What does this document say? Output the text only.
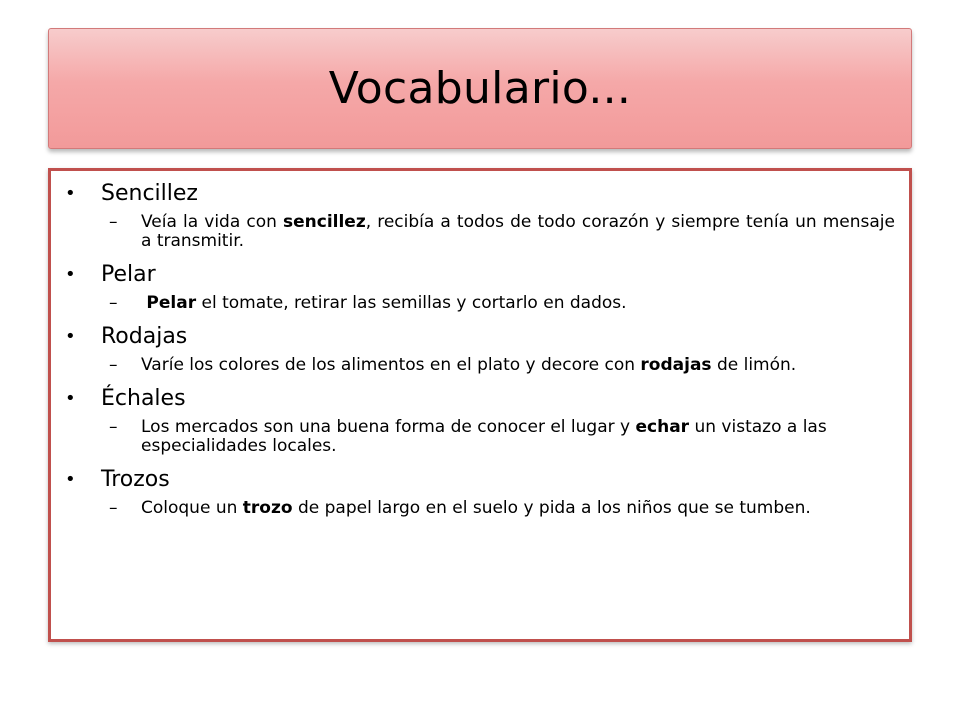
Vocabulario...
• Sencillez
– Veía la vida con sencillez, recibía a todos de todo corazón y siempre tenía un mensaje a transmitir.
• Pelar
– Pelar el tomate, retirar las semillas y cortarlo en dados.
• Rodajas
– Varíe los colores de los alimentos en el plato y decore con rodajas de limón.
• Échales
– Los mercados son una buena forma de conocer el lugar y echar un vistazo a las especialidades locales.
• Trozos
– Coloque un trozo de papel largo en el suelo y pida a los niños que se tumben.
